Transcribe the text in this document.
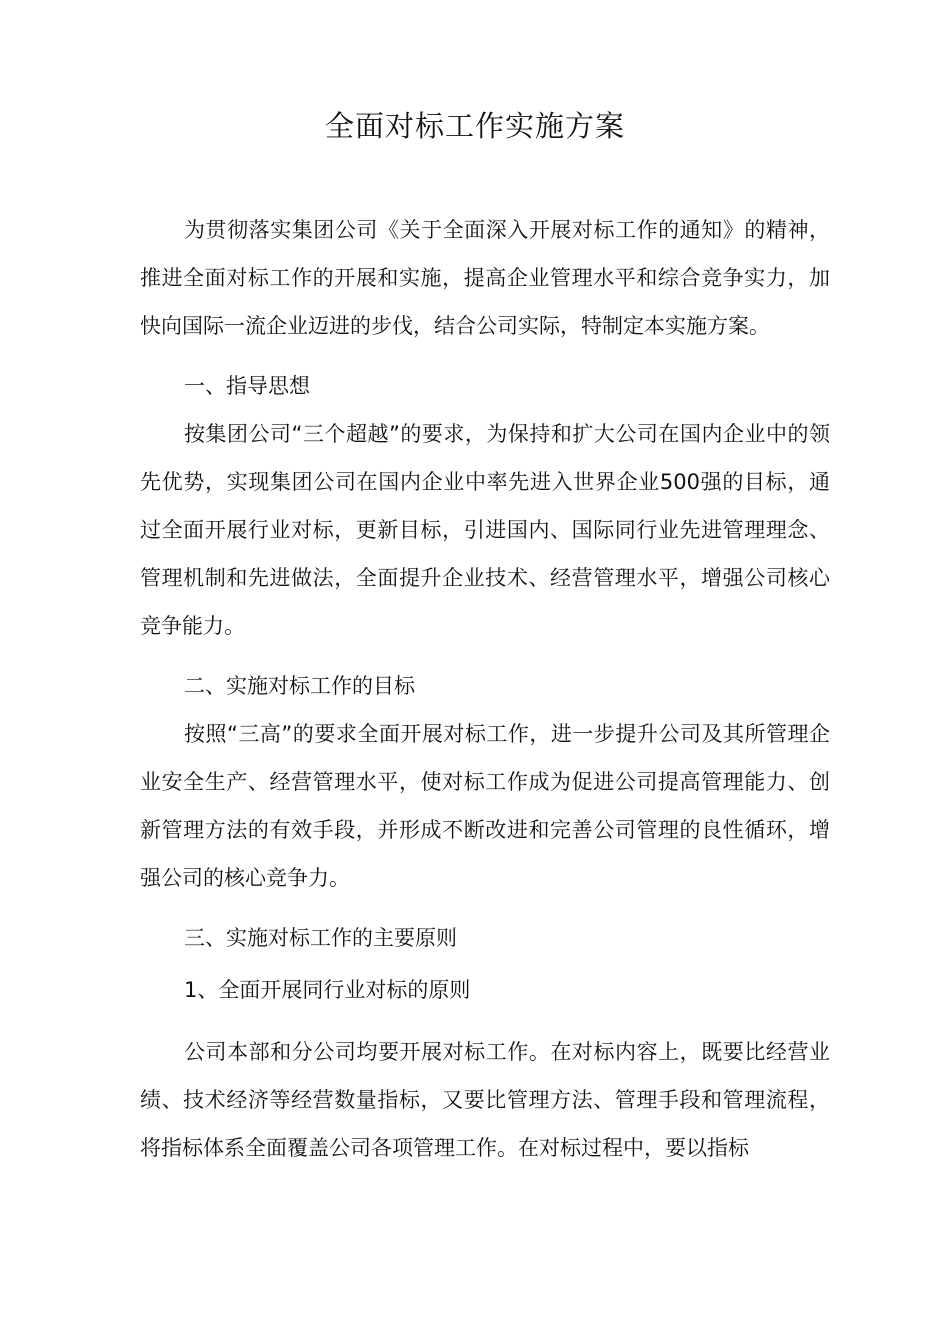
全面对标工作实施方案

为贯彻落实集团公司《关于全面深入开展对标工作的通知》的精神，推进全面对标工作的开展和实施，提高企业管理水平和综合竞争实力，加快向国际一流企业迈进的步伐，结合公司实际，特制定本实施方案。

一、指导思想

按集团公司“三个超越”的要求，为保持和扩大公司在国内企业中的领先优势，实现集团公司在国内企业中率先进入世界企业500强的目标，通过全面开展行业对标，更新目标，引进国内、国际同行业先进管理理念、管理机制和先进做法，全面提升企业技术、经营管理水平，增强公司核心竞争能力。

二、实施对标工作的目标

按照“三高”的要求全面开展对标工作，进一步提升公司及其所管理企业安全生产、经营管理水平，使对标工作成为促进公司提高管理能力、创新管理方法的有效手段，并形成不断改进和完善公司管理的良性循环，增强公司的核心竞争力。

三、实施对标工作的主要原则

1、全面开展同行业对标的原则

公司本部和分公司均要开展对标工作。在对标内容上，既要比经营业绩、技术经济等经营数量指标，又要比管理方法、管理手段和管理流程，将指标体系全面覆盖公司各项管理工作。在对标过程中，要以指标
